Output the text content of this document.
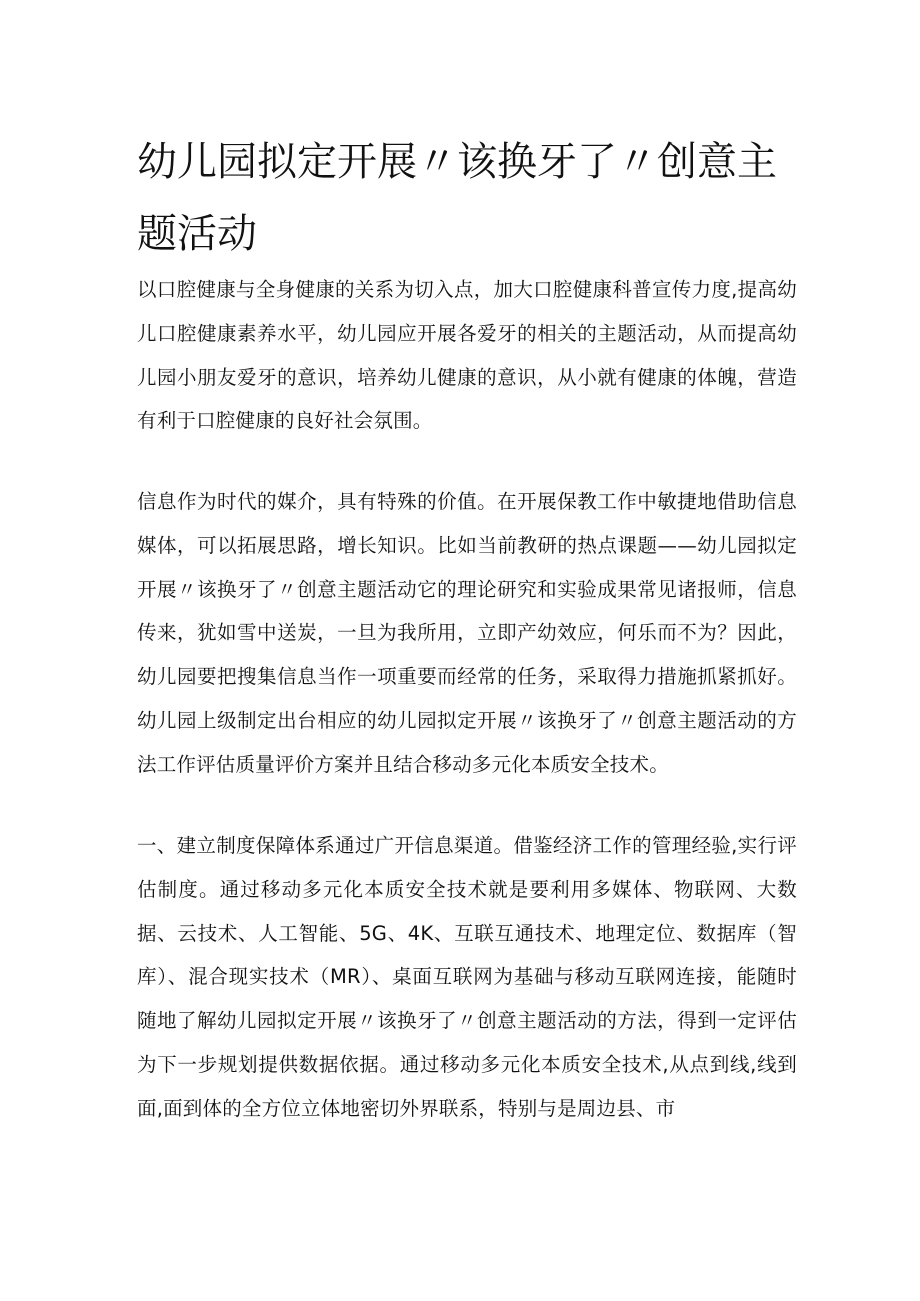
幼儿园拟定开展〃该换牙了〃创意主题活动

以口腔健康与全身健康的关系为切入点，加大口腔健康科普宣传力度,提高幼儿口腔健康素养水平，幼儿园应开展各爱牙的相关的主题活动，从而提高幼儿园小朋友爱牙的意识，培养幼儿健康的意识，从小就有健康的体魄，营造有利于口腔健康的良好社会氛围。

信息作为时代的媒介，具有特殊的价值。在开展保教工作中敏捷地借助信息媒体，可以拓展思路，增长知识。比如当前教研的热点课题——幼儿园拟定开展〃该换牙了〃创意主题活动它的理论研究和实验成果常见诸报师，信息传来，犹如雪中送炭，一旦为我所用，立即产幼效应，何乐而不为？因此，幼儿园要把搜集信息当作一项重要而经常的任务，采取得力措施抓紧抓好。幼儿园上级制定出台相应的幼儿园拟定开展〃该换牙了〃创意主题活动的方法工作评估质量评价方案并且结合移动多元化本质安全技术。

一、建立制度保障体系通过广开信息渠道。借鉴经济工作的管理经验,实行评估制度。通过移动多元化本质安全技术就是要利用多媒体、物联网、大数据、云技术、人工智能、5G、4K、互联互通技术、地理定位、数据库（智库）、混合现实技术（MR）、桌面互联网为基础与移动互联网连接，能随时随地了解幼儿园拟定开展〃该换牙了〃创意主题活动的方法，得到一定评估为下一步规划提供数据依据。通过移动多元化本质安全技术,从点到线,线到面,面到体的全方位立体地密切外界联系，特别与是周边县、市
